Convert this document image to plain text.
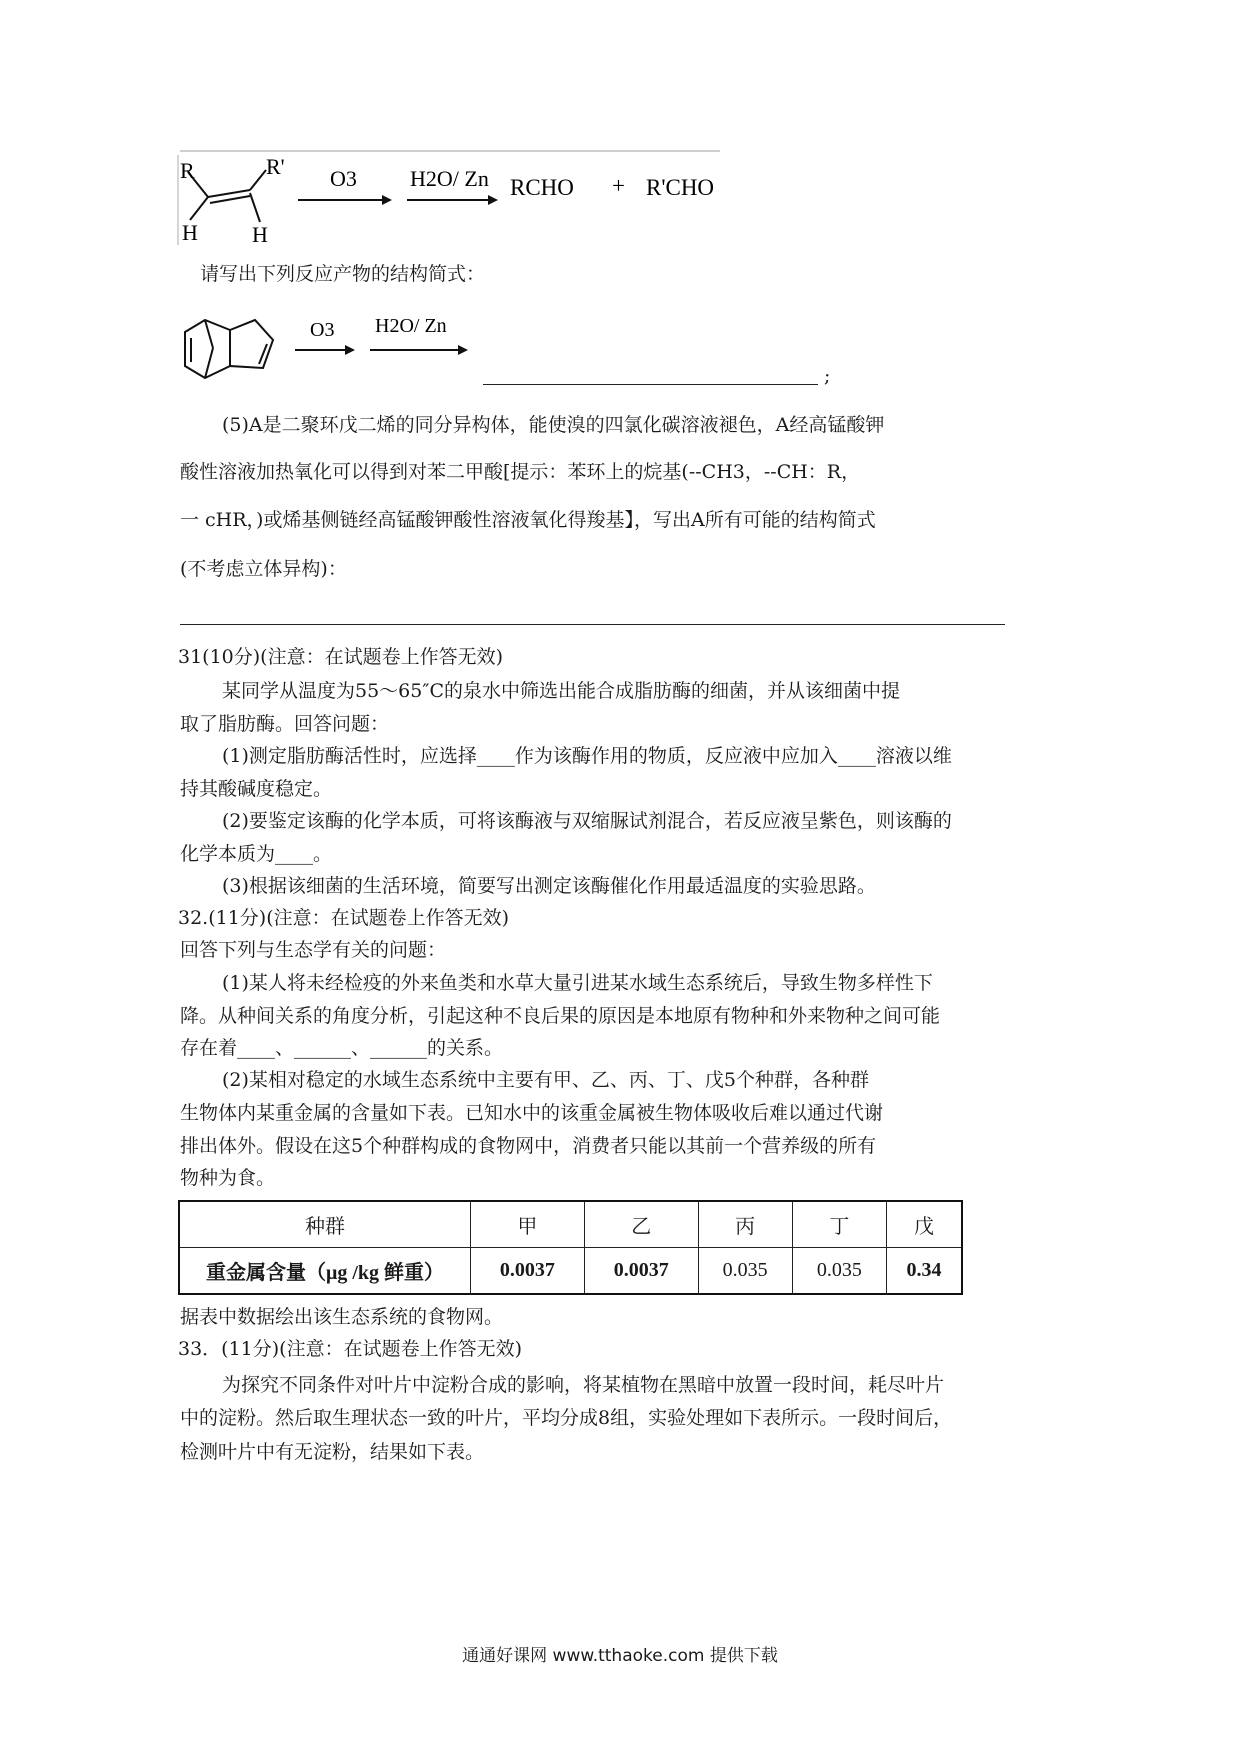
R	R'
H H
O3 H2O/ Zn RCHO + R'CHO
请写出下列反应产物的结构简式：
O3 H2O/ Zn
;
(5)A是二聚环戊二烯的同分异构体，能使溴的四氯化碳溶液褪色，A经高锰酸钾
酸性溶液加热氧化可以得到对苯二甲酸[提示：苯环上的烷基(--CH3，--CH：R，
一 cHR，)或烯基侧链经高锰酸钾酸性溶液氧化得羧基】，写出A所有可能的结构简式
(不考虑立体异构)：
31(10分)(注意：在试题卷上作答无效)
某同学从温度为55～65″C的泉水中筛选出能合成脂肪酶的细菌，并从该细菌中提
取了脂肪酶。回答问题：
(1)测定脂肪酶活性时，应选择____作为该酶作用的物质，反应液中应加入____溶液以维
持其酸碱度稳定。
(2)要鉴定该酶的化学本质，可将该酶液与双缩脲试剂混合，若反应液呈紫色，则该酶的
化学本质为____。
(3)根据该细菌的生活环境，简要写出测定该酶催化作用最适温度的实验思路。
32.(11分)(注意：在试题卷上作答无效)
回答下列与生态学有关的问题：
(1)某人将未经检疫的外来鱼类和水草大量引进某水域生态系统后，导致生物多样性下
降。从种间关系的角度分析，引起这种不良后果的原因是本地原有物种和外来物种之间可能
存在着____、______、______的关系。
(2)某相对稳定的水域生态系统中主要有甲、乙、丙、丁、戊5个种群，各种群
生物体内某重金属的含量如下表。已知水中的该重金属被生物体吸收后难以通过代谢
排出体外。假设在这5个种群构成的食物网中，消费者只能以其前一个营养级的所有
物种为食。
种群	甲	乙	丙	丁	戊
重金属含量（μg /kg 鲜重）	0.0037	0.0037	0.035	0.035	0.34
据表中数据绘出该生态系统的食物网。
33．(11分)(注意：在试题卷上作答无效)
为探究不同条件对叶片中淀粉合成的影响，将某植物在黑暗中放置一段时间，耗尽叶片
中的淀粉。然后取生理状态一致的叶片，平均分成8组，实验处理如下表所示。一段时间后，
检测叶片中有无淀粉，结果如下表。
通通好课网 www.tthaoke.com 提供下载
